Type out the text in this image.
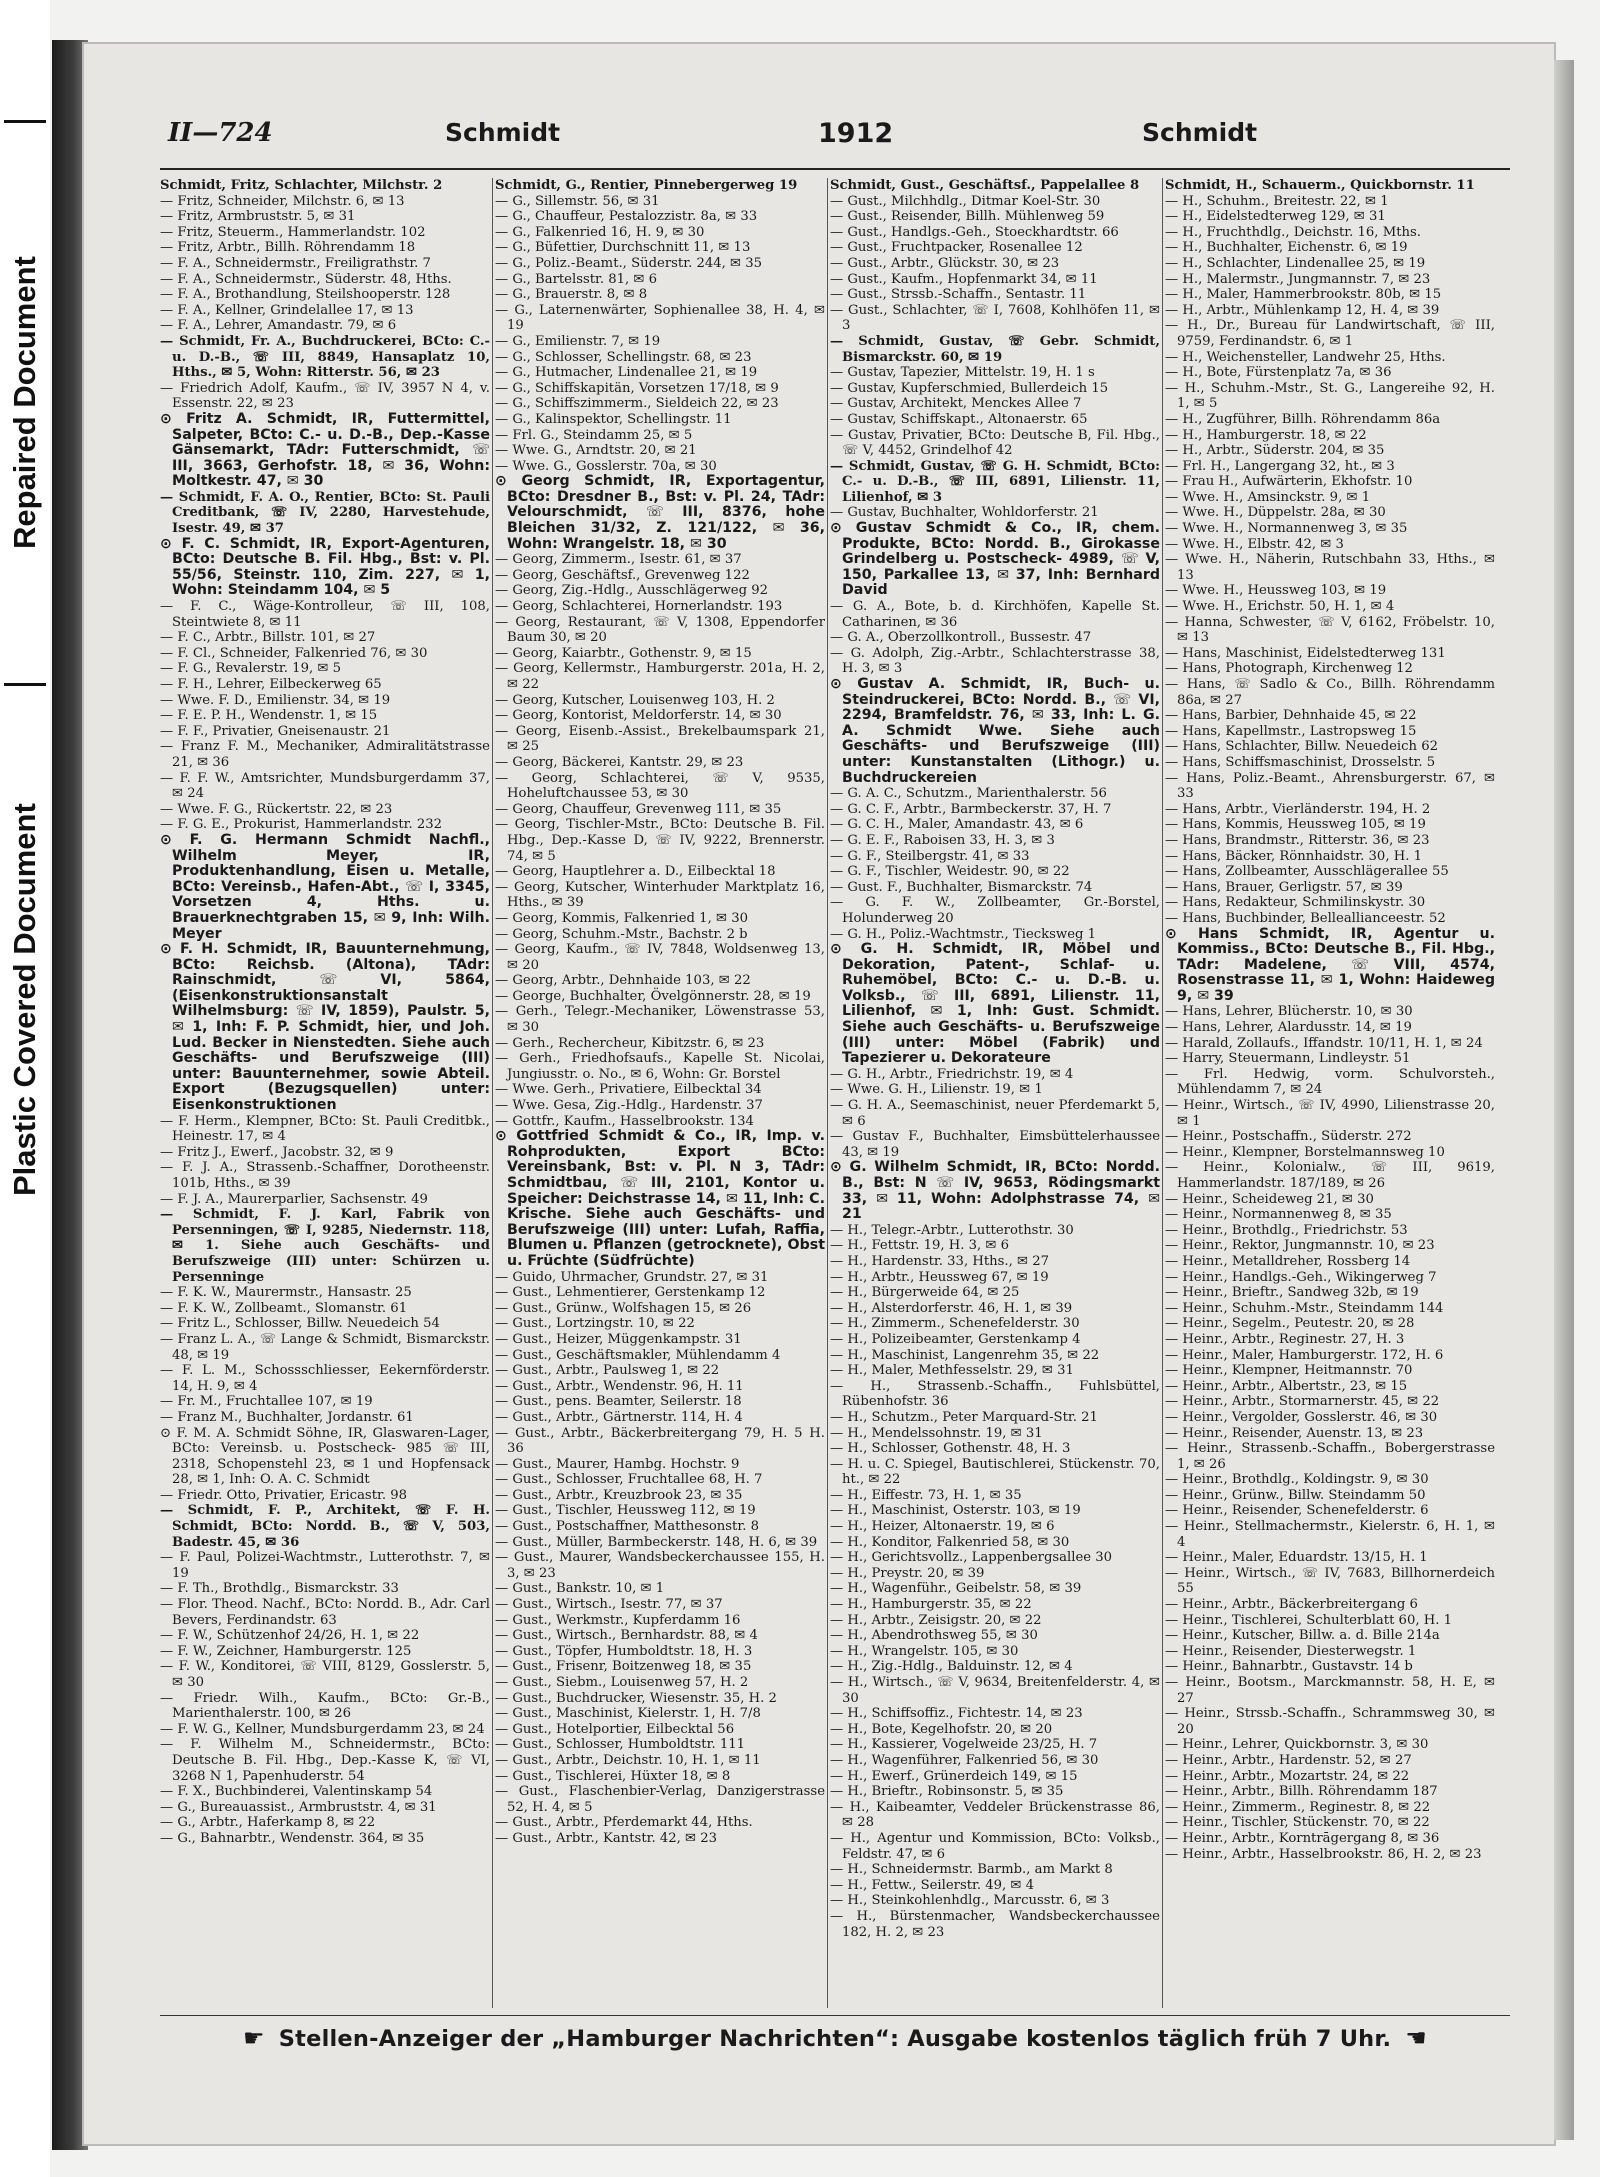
Repaired Document
Plastic Covered Document
II—724	Schmidt	1912	Schmidt

Schmidt, Fritz, Schlachter, Milchstr. 2

— Fritz, Schneider, Milchstr. 6, ✉ 13

— Fritz, Armbruststr. 5, ✉ 31

— Fritz, Steuerm., Hammerlandstr. 102

— Fritz, Arbtr., Billh. Röhrendamm 18

— F. A., Schneidermstr., Freiligrathstr. 7

— F. A., Schneidermstr., Süderstr. 48, Hths.

— F. A., Brothandlung, Steilshooperstr. 128

— F. A., Kellner, Grindelallee 17, ✉ 13

— F. A., Lehrer, Amandastr. 79, ✉ 6

— Schmidt, Fr. A., Buchdruckerei, BCto: C.- u. D.-B., ☏ III, 8849, Hansaplatz 10, Hths., ✉ 5, Wohn: Ritterstr. 56, ✉ 23

— Friedrich Adolf, Kaufm., ☏ IV, 3957 N 4, v. Essenstr. 22, ✉ 23

⊙ Fritz A. Schmidt, IR, Futtermittel, Salpeter, BCto: C.- u. D.-B., Dep.-Kasse Gänsemarkt, TAdr: Futterschmidt, ☏ III, 3663, Gerhofstr. 18, ✉ 36, Wohn: Moltkestr. 47, ✉ 30

— Schmidt, F. A. O., Rentier, BCto: St. Pauli Creditbank, ☏ IV, 2280, Harvestehude, Isestr. 49, ✉ 37

⊙ F. C. Schmidt, IR, Export-Agenturen, BCto: Deutsche B. Fil. Hbg., Bst: v. Pl. 55/56, Steinstr. 110, Zim. 227, ✉ 1, Wohn: Steindamm 104, ✉ 5

— F. C., Wäge-Kontrolleur, ☏ III, 108, Steintwiete 8, ✉ 11

— F. C., Arbtr., Billstr. 101, ✉ 27

— F. Cl., Schneider, Falkenried 76, ✉ 30

— F. G., Revalerstr. 19, ✉ 5

— F. H., Lehrer, Eilbeckerweg 65

— Wwe. F. D., Emilienstr. 34, ✉ 19

— F. E. P. H., Wendenstr. 1, ✉ 15

— F. F., Privatier, Gneisenaustr. 21

— Franz F. M., Mechaniker, Admiralitätstrasse 21, ✉ 36

— F. F. W., Amtsrichter, Mundsburgerdamm 37, ✉ 24

— Wwe. F. G., Rückertstr. 22, ✉ 23

— F. G. E., Prokurist, Hammerlandstr. 232

⊙ F. G. Hermann Schmidt Nachfl., Wilhelm Meyer, IR, Produktenhandlung, Eisen u. Metalle, BCto: Vereinsb., Hafen-Abt., ☏ I, 3345, Vorsetzen 4, Hths. u. Brauerknechtgraben 15, ✉ 9, Inh: Wilh. Meyer

⊙ F. H. Schmidt, IR, Bauunternehmung, BCto: Reichsb. (Altona), TAdr: Rainschmidt, ☏ VI, 5864, (Eisenkonstruktionsanstalt Wilhelmsburg: ☏ IV, 1859), Paulstr. 5, ✉ 1, Inh: F. P. Schmidt, hier, und Joh. Lud. Becker in Nienstedten. Siehe auch Geschäfts- und Berufszweige (III) unter: Bauunternehmer, sowie Abteil. Export (Bezugsquellen) unter: Eisenkonstruktionen

— F. Herm., Klempner, BCto: St. Pauli Creditbk., Heinestr. 17, ✉ 4

— Fritz J., Ewerf., Jacobstr. 32, ✉ 9

— F. J. A., Strassenb.-Schaffner, Dorotheenstr. 101b, Hths., ✉ 39

— F. J. A., Maurerparlier, Sachsenstr. 49

— Schmidt, F. J. Karl, Fabrik von Persenningen, ☏ I, 9285, Niedernstr. 118, ✉ 1. Siehe auch Geschäfts- und Berufszweige (III) unter: Schürzen u. Persenninge

— F. K. W., Maurermstr., Hansastr. 25

— F. K. W., Zollbeamt., Slomanstr. 61

— Fritz L., Schlosser, Billw. Neuedeich 54

— Franz L. A., ☏ Lange & Schmidt, Bismarckstr. 48, ✉ 19

— F. L. M., Schossschliesser, Eekernförderstr. 14, H. 9, ✉ 4

— Fr. M., Fruchtallee 107, ✉ 19

— Franz M., Buchhalter, Jordanstr. 61

⊙ F. M. A. Schmidt Söhne, IR, Glaswaren-Lager, BCto: Vereinsb. u. Postscheck- 985 ☏ III, 2318, Schopenstehl 23, ✉ 1 und Hopfensack 28, ✉ 1, Inh: O. A. C. Schmidt

— Friedr. Otto, Privatier, Ericastr. 98

— Schmidt, F. P., Architekt, ☏ F. H. Schmidt, BCto: Nordd. B., ☏ V, 503, Badestr. 45, ✉ 36

— F. Paul, Polizei-Wachtmstr., Lutterothstr. 7, ✉ 19

— F. Th., Brothdlg., Bismarckstr. 33

— Flor. Theod. Nachf., BCto: Nordd. B., Adr. Carl Bevers, Ferdinandstr. 63

— F. W., Schützenhof 24/26, H. 1, ✉ 22

— F. W., Zeichner, Hamburgerstr. 125

— F. W., Konditorei, ☏ VIII, 8129, Gosslerstr. 5, ✉ 30

— Friedr. Wilh., Kaufm., BCto: Gr.-B., Marienthalerstr. 100, ✉ 26

— F. W. G., Kellner, Mundsburgerdamm 23, ✉ 24

— F. Wilhelm M., Schneidermstr., BCto: Deutsche B. Fil. Hbg., Dep.-Kasse K, ☏ VI, 3268 N 1, Papenhuderstr. 54

— F. X., Buchbinderei, Valentinskamp 54

— G., Bureauassist., Armbruststr. 4, ✉ 31

— G., Arbtr., Haferkamp 8, ✉ 22

— G., Bahnarbtr., Wendenstr. 364, ✉ 35

Schmidt, G., Rentier, Pinnebergerweg 19

— G., Sillemstr. 56, ✉ 31

— G., Chauffeur, Pestalozzistr. 8a, ✉ 33

— G., Falkenried 16, H. 9, ✉ 30

— G., Büfettier, Durchschnitt 11, ✉ 13

— G., Poliz.-Beamt., Süderstr. 244, ✉ 35

— G., Bartelsstr. 81, ✉ 6

— G., Brauerstr. 8, ✉ 8

— G., Laternenwärter, Sophienallee 38, H. 4, ✉ 19

— G., Emilienstr. 7, ✉ 19

— G., Schlosser, Schellingstr. 68, ✉ 23

— G., Hutmacher, Lindenallee 21, ✉ 19

— G., Schiffskapitän, Vorsetzen 17/18, ✉ 9

— G., Schiffszimmerm., Sieldeich 22, ✉ 23

— G., Kalinspektor, Schellingstr. 11

— Frl. G., Steindamm 25, ✉ 5

— Wwe. G., Arndtstr. 20, ✉ 21

— Wwe. G., Gosslerstr. 70a, ✉ 30

⊙ Georg Schmidt, IR, Exportagentur, BCto: Dresdner B., Bst: v. Pl. 24, TAdr: Velourschmidt, ☏ III, 8376, hohe Bleichen 31/32, Z. 121/122, ✉ 36, Wohn: Wrangelstr. 18, ✉ 30

— Georg, Zimmerm., Isestr. 61, ✉ 37

— Georg, Geschäftsf., Grevenweg 122

— Georg, Zig.-Hdlg., Ausschlägerweg 92

— Georg, Schlachterei, Hornerlandstr. 193

— Georg, Restaurant, ☏ V, 1308, Eppendorfer Baum 30, ✉ 20

— Georg, Kaiarbtr., Gothenstr. 9, ✉ 15

— Georg, Kellermstr., Hamburgerstr. 201a, H. 2, ✉ 22

— Georg, Kutscher, Louisenweg 103, H. 2

— Georg, Kontorist, Meldorferstr. 14, ✉ 30

— Georg, Eisenb.-Assist., Brekelbaumspark 21, ✉ 25

— Georg, Bäckerei, Kantstr. 29, ✉ 23

— Georg, Schlachterei, ☏ V, 9535, Hoheluftchaussee 53, ✉ 30

— Georg, Chauffeur, Grevenweg 111, ✉ 35

— Georg, Tischler-Mstr., BCto: Deutsche B. Fil. Hbg., Dep.-Kasse D, ☏ IV, 9222, Brennerstr. 74, ✉ 5

— Georg, Hauptlehrer a. D., Eilbecktal 18

— Georg, Kutscher, Winterhuder Marktplatz 16, Hths., ✉ 39

— Georg, Kommis, Falkenried 1, ✉ 30

— Georg, Schuhm.-Mstr., Bachstr. 2 b

— Georg, Kaufm., ☏ IV, 7848, Woldsenweg 13, ✉ 20

— Georg, Arbtr., Dehnhaide 103, ✉ 22

— George, Buchhalter, Övelgönnerstr. 28, ✉ 19

— Gerh., Telegr.-Mechaniker, Löwenstrasse 53, ✉ 30

— Gerh., Rechercheur, Kibitzstr. 6, ✉ 23

— Gerh., Friedhofsaufs., Kapelle St. Nicolai, Jungiusstr. o. No., ✉ 6, Wohn: Gr. Borstel

— Wwe. Gerh., Privatiere, Eilbecktal 34

— Wwe. Gesa, Zig.-Hdlg., Hardenstr. 37

— Gottfr., Kaufm., Hasselbrookstr. 134

⊙ Gottfried Schmidt & Co., IR, Imp. v. Rohprodukten, Export BCto: Vereinsbank, Bst: v. Pl. N 3, TAdr: Schmidtbau, ☏ III, 2101, Kontor u. Speicher: Deichstrasse 14, ✉ 11, Inh: C. Krische. Siehe auch Geschäfts- und Berufszweige (III) unter: Lufah, Raffia, Blumen u. Pflanzen (getrocknete), Obst u. Früchte (Südfrüchte)

— Guido, Uhrmacher, Grundstr. 27, ✉ 31

— Gust., Lehmentierer, Gerstenkamp 12

— Gust., Grünw., Wolfshagen 15, ✉ 26

— Gust., Lortzingstr. 10, ✉ 22

— Gust., Heizer, Müggenkampstr. 31

— Gust., Geschäftsmakler, Mühlendamm 4

— Gust., Arbtr., Paulsweg 1, ✉ 22

— Gust., Arbtr., Wendenstr. 96, H. 11

— Gust., pens. Beamter, Seilerstr. 18

— Gust., Arbtr., Gärtnerstr. 114, H. 4

— Gust., Arbtr., Bäckerbreitergang 79, H. 5 H. 36

— Gust., Maurer, Hambg. Hochstr. 9

— Gust., Schlosser, Fruchtallee 68, H. 7

— Gust., Arbtr., Kreuzbrook 23, ✉ 35

— Gust., Tischler, Heussweg 112, ✉ 19

— Gust., Postschaffner, Matthesonstr. 8

— Gust., Müller, Barmbeckerstr. 148, H. 6, ✉ 39

— Gust., Maurer, Wandsbeckerchaussee 155, H. 3, ✉ 23

— Gust., Bankstr. 10, ✉ 1

— Gust., Wirtsch., Isestr. 77, ✉ 37

— Gust., Werkmstr., Kupferdamm 16

— Gust., Wirtsch., Bernhardstr. 88, ✉ 4

— Gust., Töpfer, Humboldtstr. 18, H. 3

— Gust., Frisenr, Boitzenweg 18, ✉ 35

— Gust., Siebm., Louisenweg 57, H. 2

— Gust., Buchdrucker, Wiesenstr. 35, H. 2

— Gust., Maschinist, Kielerstr. 1, H. 7/8

— Gust., Hotelportier, Eilbecktal 56

— Gust., Schlosser, Humboldtstr. 111

— Gust., Arbtr., Deichstr. 10, H. 1, ✉ 11

— Gust., Tischlerei, Hüxter 18, ✉ 8

— Gust., Flaschenbier-Verlag, Danzigerstrasse 52, H. 4, ✉ 5

— Gust., Arbtr., Pferdemarkt 44, Hths.

— Gust., Arbtr., Kantstr. 42, ✉ 23

Schmidt, Gust., Geschäftsf., Pappelallee 8

— Gust., Milchhdlg., Ditmar Koel-Str. 30

— Gust., Reisender, Billh. Mühlenweg 59

— Gust., Handlgs.-Geh., Stoeckhardtstr. 66

— Gust., Fruchtpacker, Rosenallee 12

— Gust., Arbtr., Glückstr. 30, ✉ 23

— Gust., Kaufm., Hopfenmarkt 34, ✉ 11

— Gust., Strssb.-Schaffn., Sentastr. 11

— Gust., Schlachter, ☏ I, 7608, Kohlhöfen 11, ✉ 3

— Schmidt, Gustav, ☏ Gebr. Schmidt, Bismarckstr. 60, ✉ 19

— Gustav, Tapezier, Mittelstr. 19, H. 1 s

— Gustav, Kupferschmied, Bullerdeich 15

— Gustav, Architekt, Menckes Allee 7

— Gustav, Schiffskapt., Altonaerstr. 65

— Gustav, Privatier, BCto: Deutsche B, Fil. Hbg., ☏ V, 4452, Grindelhof 42

— Schmidt, Gustav, ☏ G. H. Schmidt, BCto: C.- u. D.-B., ☏ III, 6891, Lilienstr. 11, Lilienhof, ✉ 3

— Gustav, Buchhalter, Wohldorferstr. 21

⊙ Gustav Schmidt & Co., IR, chem. Produkte, BCto: Nordd. B., Girokasse Grindelberg u. Postscheck- 4989, ☏ V, 150, Parkallee 13, ✉ 37, Inh: Bernhard David

— G. A., Bote, b. d. Kirchhöfen, Kapelle St. Catharinen, ✉ 36

— G. A., Oberzollkontroll., Bussestr. 47

— G. Adolph, Zig.-Arbtr., Schlachterstrasse 38, H. 3, ✉ 3

⊙ Gustav A. Schmidt, IR, Buch- u. Steindruckerei, BCto: Nordd. B., ☏ VI, 2294, Bramfeldstr. 76, ✉ 33, Inh: L. G. A. Schmidt Wwe. Siehe auch Geschäfts- und Berufszweige (III) unter: Kunstanstalten (Lithogr.) u. Buchdruckereien

— G. A. C., Schutzm., Marienthalerstr. 56

— G. C. F., Arbtr., Barmbeckerstr. 37, H. 7

— G. C. H., Maler, Amandastr. 43, ✉ 6

— G. E. F., Raboisen 33, H. 3, ✉ 3

— G. F., Steilbergstr. 41, ✉ 33

— G. F., Tischler, Weidestr. 90, ✉ 22

— Gust. F., Buchhalter, Bismarckstr. 74

— G. F. W., Zollbeamter, Gr.-Borstel, Holunderweg 20

— G. H., Poliz.-Wachtmstr., Tiecksweg 1

⊙ G. H. Schmidt, IR, Möbel und Dekoration, Patent-, Schlaf- u. Ruhemöbel, BCto: C.- u. D.-B. u. Volksb., ☏ III, 6891, Lilienstr. 11, Lilienhof, ✉ 1, Inh: Gust. Schmidt. Siehe auch Geschäfts- u. Berufszweige (III) unter: Möbel (Fabrik) und Tapezierer u. Dekorateure

— G. H., Arbtr., Friedrichstr. 19, ✉ 4

— Wwe. G. H., Lilienstr. 19, ✉ 1

— G. H. A., Seemaschinist, neuer Pferdemarkt 5, ✉ 6

— Gustav F., Buchhalter, Eimsbüttelerhaussee 43, ✉ 19

⊙ G. Wilhelm Schmidt, IR, BCto: Nordd. B., Bst: N ☏ IV, 9653, Rödingsmarkt 33, ✉ 11, Wohn: Adolphstrasse 74, ✉ 21

— H., Telegr.-Arbtr., Lutterothstr. 30

— H., Fettstr. 19, H. 3, ✉ 6

— H., Hardenstr. 33, Hths., ✉ 27

— H., Arbtr., Heussweg 67, ✉ 19

— H., Bürgerweide 64, ✉ 25

— H., Alsterdorferstr. 46, H. 1, ✉ 39

— H., Zimmerm., Schenefelderstr. 30

— H., Polizeibeamter, Gerstenkamp 4

— H., Maschinist, Langenrehm 35, ✉ 22

— H., Maler, Methfesselstr. 29, ✉ 31

— H., Strassenb.-Schaffn., Fuhlsbüttel, Rübenhofstr. 36

— H., Schutzm., Peter Marquard-Str. 21

— H., Mendelssohnstr. 19, ✉ 31

— H., Schlosser, Gothenstr. 48, H. 3

— H. u. C. Spiegel, Bautischlerei, Stückenstr. 70, ht., ✉ 22

— H., Eiffestr. 73, H. 1, ✉ 35

— H., Maschinist, Osterstr. 103, ✉ 19

— H., Heizer, Altonaerstr. 19, ✉ 6

— H., Konditor, Falkenried 58, ✉ 30

— H., Gerichtsvollz., Lappenbergsallee 30

— H., Preystr. 20, ✉ 39

— H., Wagenführ., Geibelstr. 58, ✉ 39

— H., Hamburgerstr. 35, ✉ 22

— H., Arbtr., Zeisigstr. 20, ✉ 22

— H., Abendrothsweg 55, ✉ 30

— H., Wrangelstr. 105, ✉ 30

— H., Zig.-Hdlg., Balduinstr. 12, ✉ 4

— H., Wirtsch., ☏ V, 9634, Breitenfelderstr. 4, ✉ 30

— H., Schiffsoffiz., Fichtestr. 14, ✉ 23

— H., Bote, Kegelhofstr. 20, ✉ 20

— H., Kassierer, Vogelweide 23/25, H. 7

— H., Wagenführer, Falkenried 56, ✉ 30

— H., Ewerf., Grünerdeich 149, ✉ 15

— H., Brieftr., Robinsonstr. 5, ✉ 35

— H., Kaibeamter, Veddeler Brückenstrasse 86, ✉ 28

— H., Agentur und Kommission, BCto: Volksb., Feldstr. 47, ✉ 6

— H., Schneidermstr. Barmb., am Markt 8

— H., Fettw., Seilerstr. 49, ✉ 4

— H., Steinkohlenhdlg., Marcusstr. 6, ✉ 3

— H., Bürstenmacher, Wandsbeckerchaussee 182, H. 2, ✉ 23

Schmidt, H., Schauerm., Quickbornstr. 11

— H., Schuhm., Breitestr. 22, ✉ 1

— H., Eidelstedterweg 129, ✉ 31

— H., Fruchthdlg., Deichstr. 16, Mths.

— H., Buchhalter, Eichenstr. 6, ✉ 19

— H., Schlachter, Lindenallee 25, ✉ 19

— H., Malermstr., Jungmannstr. 7, ✉ 23

— H., Maler, Hammerbrookstr. 80b, ✉ 15

— H., Arbtr., Mühlenkamp 12, H. 4, ✉ 39

— H., Dr., Bureau für Landwirtschaft, ☏ III, 9759, Ferdinandstr. 6, ✉ 1

— H., Weichensteller, Landwehr 25, Hths.

— H., Bote, Fürstenplatz 7a, ✉ 36

— H., Schuhm.-Mstr., St. G., Langereihe 92, H. 1, ✉ 5

— H., Zugführer, Billh. Röhrendamm 86a

— H., Hamburgerstr. 18, ✉ 22

— H., Arbtr., Süderstr. 204, ✉ 35

— Frl. H., Langergang 32, ht., ✉ 3

— Frau H., Aufwärterin, Ekhofstr. 10

— Wwe. H., Amsinckstr. 9, ✉ 1

— Wwe. H., Düppelstr. 28a, ✉ 30

— Wwe. H., Normannenweg 3, ✉ 35

— Wwe. H., Elbstr. 42, ✉ 3

— Wwe. H., Näherin, Rutschbahn 33, Hths., ✉ 13

— Wwe. H., Heussweg 103, ✉ 19

— Wwe. H., Erichstr. 50, H. 1, ✉ 4

— Hanna, Schwester, ☏ V, 6162, Fröbelstr. 10, ✉ 13

— Hans, Maschinist, Eidelstedterweg 131

— Hans, Photograph, Kirchenweg 12

— Hans, ☏ Sadlo & Co., Billh. Röhrendamm 86a, ✉ 27

— Hans, Barbier, Dehnhaide 45, ✉ 22

— Hans, Kapellmstr., Lastropsweg 15

— Hans, Schlachter, Billw. Neuedeich 62

— Hans, Schiffsmaschinist, Drosselstr. 5

— Hans, Poliz.-Beamt., Ahrensburgerstr. 67, ✉ 33

— Hans, Arbtr., Vierländerstr. 194, H. 2

— Hans, Kommis, Heussweg 105, ✉ 19

— Hans, Brandmstr., Ritterstr. 36, ✉ 23

— Hans, Bäcker, Rönnhaidstr. 30, H. 1

— Hans, Zollbeamter, Ausschlägerallee 55

— Hans, Brauer, Gerligstr. 57, ✉ 39

— Hans, Redakteur, Schmilinskystr. 30

— Hans, Buchbinder, Belleallianceestr. 52

⊙ Hans Schmidt, IR, Agentur u. Kommiss., BCto: Deutsche B., Fil. Hbg., TAdr: Madelene, ☏ VIII, 4574, Rosenstrasse 11, ✉ 1, Wohn: Haideweg 9, ✉ 39

— Hans, Lehrer, Blücherstr. 10, ✉ 30

— Hans, Lehrer, Alardusstr. 14, ✉ 19

— Harald, Zollaufs., Iffandstr. 10/11, H. 1, ✉ 24

— Harry, Steuermann, Lindleystr. 51

— Frl. Hedwig, vorm. Schulvorsteh., Mühlendamm 7, ✉ 24

— Heinr., Wirtsch., ☏ IV, 4990, Lilienstrasse 20, ✉ 1

— Heinr., Postschaffn., Süderstr. 272

— Heinr., Klempner, Borstelmannsweg 10

— Heinr., Kolonialw., ☏ III, 9619, Hammerlandstr. 187/189, ✉ 26

— Heinr., Scheideweg 21, ✉ 30

— Heinr., Normannenweg 8, ✉ 35

— Heinr., Brothdlg., Friedrichstr. 53

— Heinr., Rektor, Jungmannstr. 10, ✉ 23

— Heinr., Metalldreher, Rossberg 14

— Heinr., Handlgs.-Geh., Wikingerweg 7

— Heinr., Brieftr., Sandweg 32b, ✉ 19

— Heinr., Schuhm.-Mstr., Steindamm 144

— Heinr., Segelm., Peutestr. 20, ✉ 28

— Heinr., Arbtr., Reginestr. 27, H. 3

— Heinr., Maler, Hamburgerstr. 172, H. 6

— Heinr., Klempner, Heitmannstr. 70

— Heinr., Arbtr., Albertstr., 23, ✉ 15

— Heinr., Arbtr., Stormarnerstr. 45, ✉ 22

— Heinr., Vergolder, Gosslerstr. 46, ✉ 30

— Heinr., Reisender, Auenstr. 13, ✉ 23

— Heinr., Strassenb.-Schaffn., Bobergerstrasse 1, ✉ 26

— Heinr., Brothdlg., Koldingstr. 9, ✉ 30

— Heinr., Grünw., Billw. Steindamm 50

— Heinr., Reisender, Schenefelderstr. 6

— Heinr., Stellmachermstr., Kielerstr. 6, H. 1, ✉ 4

— Heinr., Maler, Eduardstr. 13/15, H. 1

— Heinr., Wirtsch., ☏ IV, 7683, Billhornerdeich 55

— Heinr., Arbtr., Bäckerbreitergang 6

— Heinr., Tischlerei, Schulterblatt 60, H. 1

— Heinr., Kutscher, Billw. a. d. Bille 214a

— Heinr., Reisender, Diesterwegstr. 1

— Heinr., Bahnarbtr., Gustavstr. 14 b

— Heinr., Bootsm., Marckmannstr. 58, H. E, ✉ 27

— Heinr., Strssb.-Schaffn., Schrammsweg 30, ✉ 20

— Heinr., Lehrer, Quickbornstr. 3, ✉ 30

— Heinr., Arbtr., Hardenstr. 52, ✉ 27

— Heinr., Arbtr., Mozartstr. 24, ✉ 22

— Heinr., Arbtr., Billh. Röhrendamm 187

— Heinr., Zimmerm., Reginestr. 8, ✉ 22

— Heinr., Tischler, Stückenstr. 70, ✉ 22

— Heinr., Arbtr., Korntrāgergang 8, ✉ 36

— Heinr., Arbtr., Hasselbrookstr. 86, H. 2, ✉ 23

☛ Stellen-Anzeiger der „Hamburger Nachrichten“: Ausgabe kostenlos täglich früh 7 Uhr. ☚
